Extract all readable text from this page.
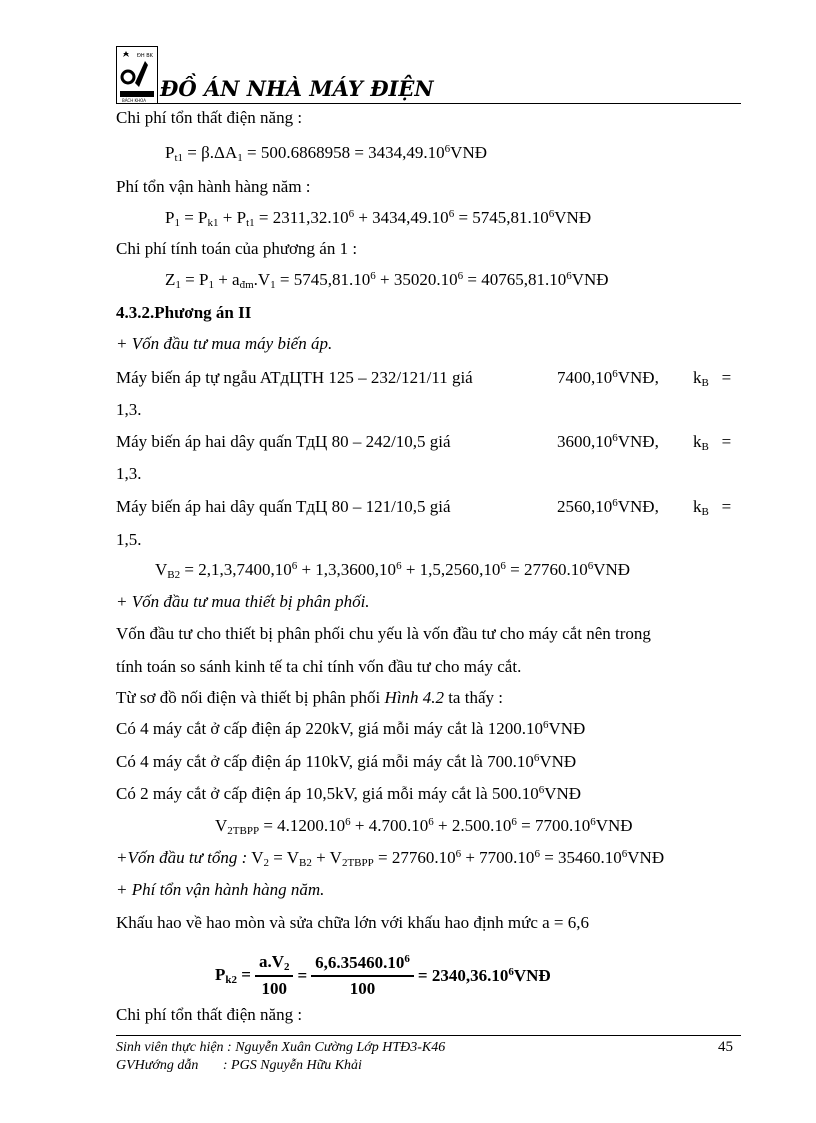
ĐH BK
BÁCH KHOA ĐỒ ÁN NHÀ MÁY ĐIỆN
Chi phí tổn thất điện năng :
$P_{t1} = \beta.\Delta A_1 = 500.6868958$ = $3434,49.10^6VNĐ$
Phí tổn vận hành hàng năm :
$P_1 = P_{k1} + P_{t1} = 2311,32.10^6 + 3434,49.10^6$ = $5745,81.10^6VNĐ$
Chi phí tính toán của phương án 1 :
$Z_1 = P_1 + a_{đm}.V_1 = 5745,81.10^6 + 35020.10^6$ = $40765,81.10^6VNĐ$
4.3.2.Phương án II
+ Vốn đầu tư mua máy biến áp.
Máy biến áp tự ngẫu ATдЦTH 125 – 232/121/11 giá	7400,10$^6$VNĐ, $k_B$   =
1,3.
Máy biến áp hai dây quấn TдЦ 80 – 242/10,5 giá	3600,10$^6$VNĐ, $k_B$   =
1,3.
Máy biến áp hai dây quấn TдЦ 80 – 121/10,5 giá	2560,10$^6$VNĐ, $k_B$   =
1,5.
$V_{B2} = 2,1,3,7400,10^6 + 1,3,3600,10^6 + 1,5,2560,10^6$ = $27760.10^6VNĐ$
+ Vốn đầu tư mua thiết bị phân phối.
Vốn đầu tư cho thiết bị phân phối chu yếu là vốn đầu tư cho máy cắt nên trong
tính toán so sánh kinh tế ta chỉ tính vốn đầu tư cho máy cắt.
Từ sơ đồ nối điện và thiết bị phân phối Hình 4.2 ta thấy :
Có 4 máy cắt ở cấp điện áp 220kV, giá mỗi máy cắt là 1200.10$^6$VNĐ
Có 4 máy cắt ở cấp điện áp 110kV, giá mỗi máy cắt là 700.10$^6$VNĐ
Có 2 máy cắt ở cấp điện áp 10,5kV, giá mỗi máy cắt là 500.10$^6$VNĐ
$V_{2TBPP} = 4.1200.10^6 + 4.700.10^6 + 2.500.10^6$ = $7700.10^6VNĐ$
+Vốn đầu tư tổng : $V_2 = V_{B2} + V_{2TBPP} = 27760.10^6 + 7700.10^6$ = $35460.10^6VNĐ$
+ Phí tổn vận hành hàng năm.
Khấu hao về hao mòn và sửa chữa lớn với khấu hao định mức a = 6,6
$P_{k2} = \frac{a.V_2}{100} = \frac{6,6.35460.10^6}{100}$ = $2340,36.10^6VNĐ$
Chi phí tổn thất điện năng :
Sinh viên thực hiện : Nguyễn Xuân Cường Lớp HTĐ3-K46
GVHướng dẫn       : PGS Nguyễn Hữu Khải
45
